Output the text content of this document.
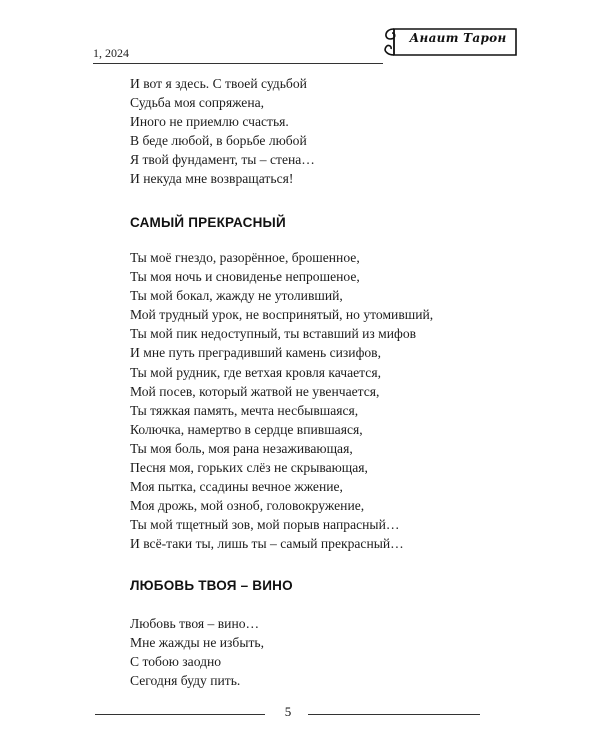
1, 2024
Анаит Тарон
И вот я здесь. С твоей судьбой
Судьба моя сопряжена,
Иного не приемлю счастья.
В беде любой, в борьбе любой
Я твой фундамент, ты – стена…
И некуда мне возвращаться!
САМЫЙ ПРЕКРАСНЫЙ
Ты моё гнездо, разорённое, брошенное,
Ты моя ночь и сновиденье непрошеное,
Ты мой бокал, жажду не утоливший,
Мой трудный урок, не воспринятый, но утомивший,
Ты мой пик недоступный, ты вставший из мифов
И мне путь преградивший камень сизифов,
Ты мой рудник, где ветхая кровля качается,
Мой посев, который жатвой не увенчается,
Ты тяжкая память, мечта несбывшаяся,
Колючка, намертво в сердце впившаяся,
Ты моя боль, моя рана незаживающая,
Песня моя, горьких слёз не скрывающая,
Моя пытка, ссадины вечное жжение,
Моя дрожь, мой озноб, головокружение,
Ты мой тщетный зов, мой порыв напрасный…
И всё-таки ты, лишь ты – самый прекрасный…
ЛЮБОВЬ ТВОЯ – ВИНО
Любовь твоя – вино…
Мне жажды не избыть,
С тобою заодно
Сегодня буду пить.
5
